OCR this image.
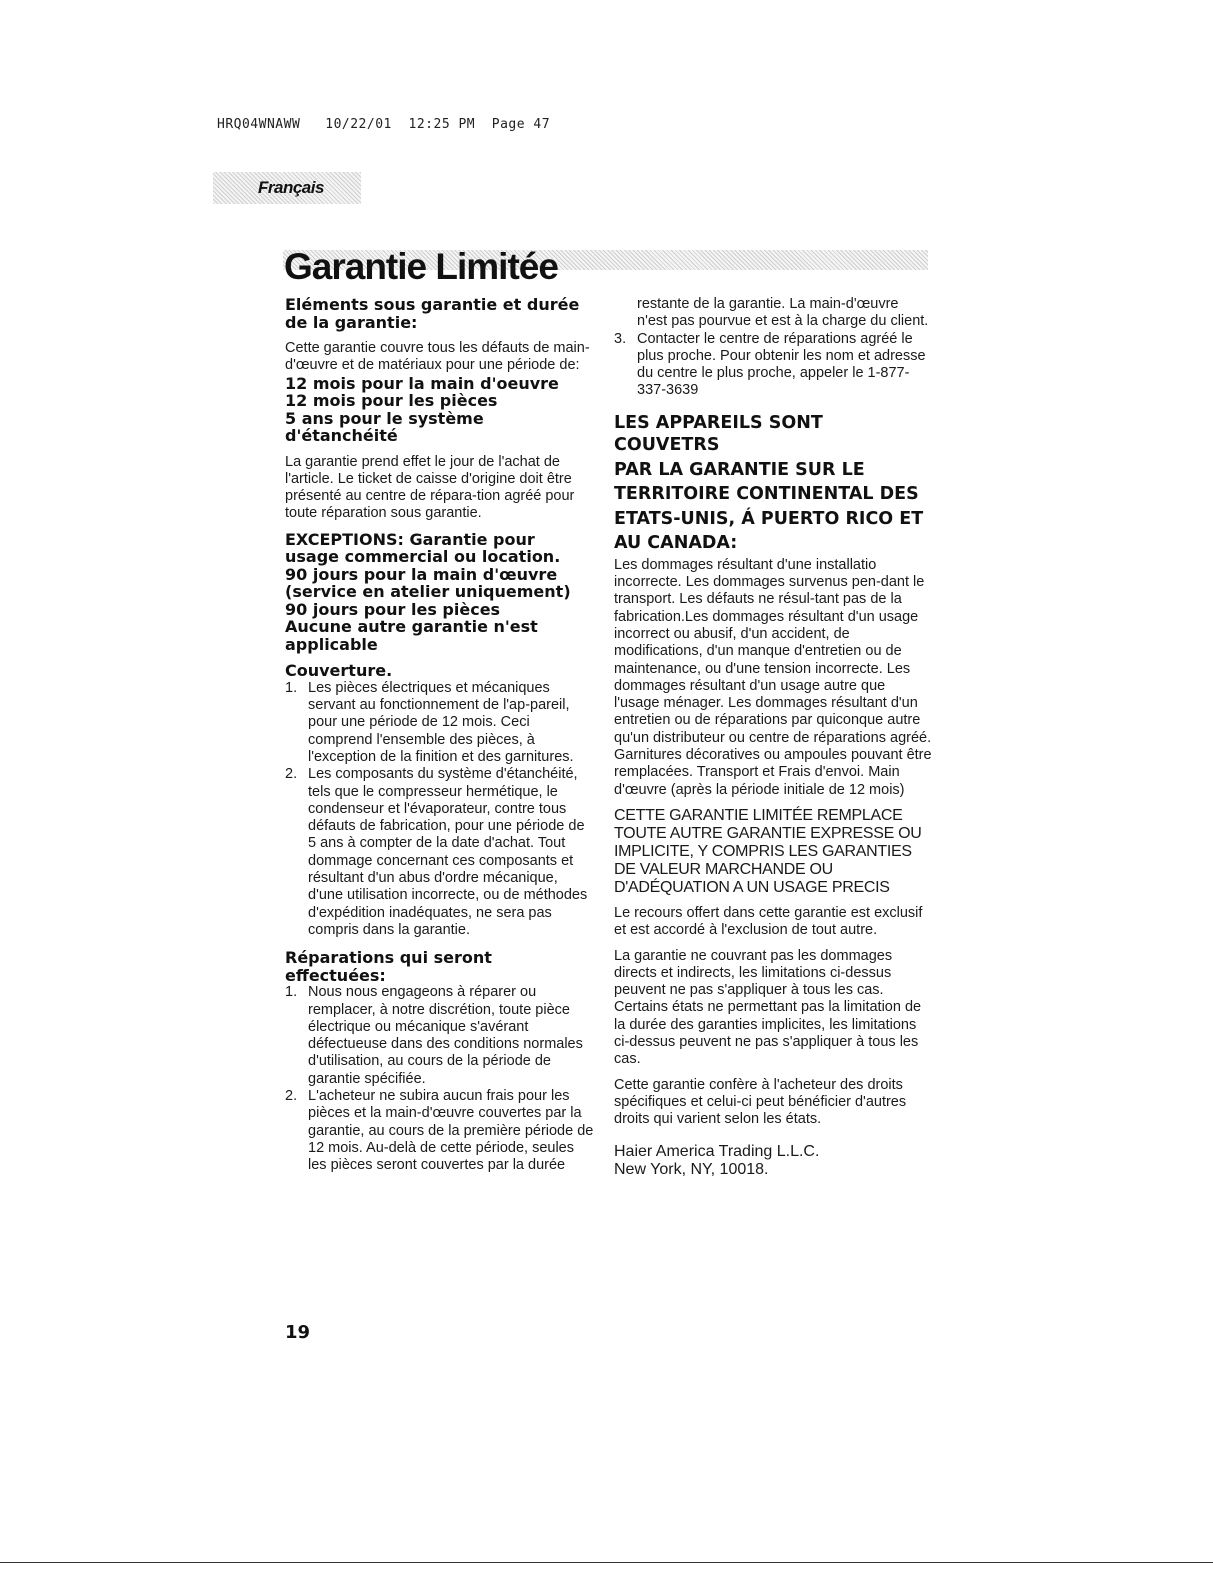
HRQ04WNAWW   10/22/01  12:25 PM  Page 47
Français
Garantie Limitée
Eléments sous garantie et durée
de la garantie:

Cette garantie couvre tous les défauts de main-d'œuvre et de matériaux pour une période de:

12 mois pour la main d'oeuvre
12 mois pour les pièces
5 ans pour le système
d'étanchéité

La garantie prend effet le jour de l'achat de l'article. Le ticket de caisse d'origine doit être présenté au centre de répara-tion agréé pour toute réparation sous garantie.

EXCEPTIONS: Garantie pour
usage commercial ou location.
90 jours pour la main d'œuvre
(service en atelier uniquement)
90 jours pour les pièces
Aucune autre garantie n'est
applicable
Couverture.
1. Les pièces électriques et mécaniques servant au fonctionnement de l'ap-pareil, pour une période de 12 mois. Ceci comprend l'ensemble des pièces, à l'exception de la finition et des garnitures.
2. Les composants du système d'étanchéité, tels que le compresseur hermétique, le condenseur et l'évaporateur, contre tous défauts de fabrication, pour une période de 5 ans à compter de la date d'achat. Tout dommage concernant ces composants et résultant d'un abus d'ordre mécanique, d'une utilisation incorrecte, ou de méthodes d'expédition inadéquates, ne sera pas compris dans la garantie.
Réparations qui seront
effectuées:
1. Nous nous engageons à réparer ou remplacer, à notre discrétion, toute pièce électrique ou mécanique s'avérant défectueuse dans des conditions normales d'utilisation, au cours de la période de garantie spécifiée.
2. L'acheteur ne subira aucun frais pour les pièces et la main-d'œuvre couvertes par la garantie, au cours de la première période de 12 mois. Au-delà de cette période, seules les pièces seront couvertes par la durée

restante de la garantie. La main-d'œuvre n'est pas pourvue et est à la charge du client.

3. Contacter le centre de réparations agréé le plus proche. Pour obtenir les nom et adresse du centre le plus proche, appeler le 1-877-337-3639
LES APPAREILS SONT COUVETRS
PAR LA GARANTIE SUR LE
TERRITOIRE CONTINENTAL DES
ETATS-UNIS, Á PUERTO RICO ET
AU CANADA:

Les dommages résultant d'une installatio incorrecte. Les dommages survenus pen-dant le transport. Les défauts ne résul-tant pas de la fabrication.Les dommages résultant d'un usage incorrect ou abusif, d'un accident, de modifications, d'un manque d'entretien ou de maintenance, ou d'une tension incorrecte. Les dommages résultant d'un usage autre que l'usage ménager. Les dommages résultant d'un entretien ou de réparations par quiconque autre qu'un distributeur ou centre de réparations agréé. Garnitures décoratives ou ampoules pouvant être remplacées. Transport et Frais d'envoi. Main d'œuvre (après la période initiale de 12 mois)

CETTE GARANTIE LIMITÉE REMPLACE TOUTE AUTRE GARANTIE EXPRESSE OU IMPLICITE, Y COMPRIS LES GARANTIES DE VALEUR MARCHANDE OU D'ADÉQUATION A UN USAGE PRECIS

Le recours offert dans cette garantie est exclusif et est accordé à l'exclusion de tout autre.

La garantie ne couvrant pas les dommages directs et indirects, les limitations ci-dessus peuvent ne pas s'appliquer à tous les cas. Certains états ne permettant pas la limitation de la durée des garanties implicites, les limitations ci-dessus peuvent ne pas s'appliquer à tous les cas.

Cette garantie confère à l'acheteur des droits spécifiques et celui-ci peut bénéficier d'autres droits qui varient selon les états.

Haier America Trading L.L.C.
New York, NY, 10018.
19
